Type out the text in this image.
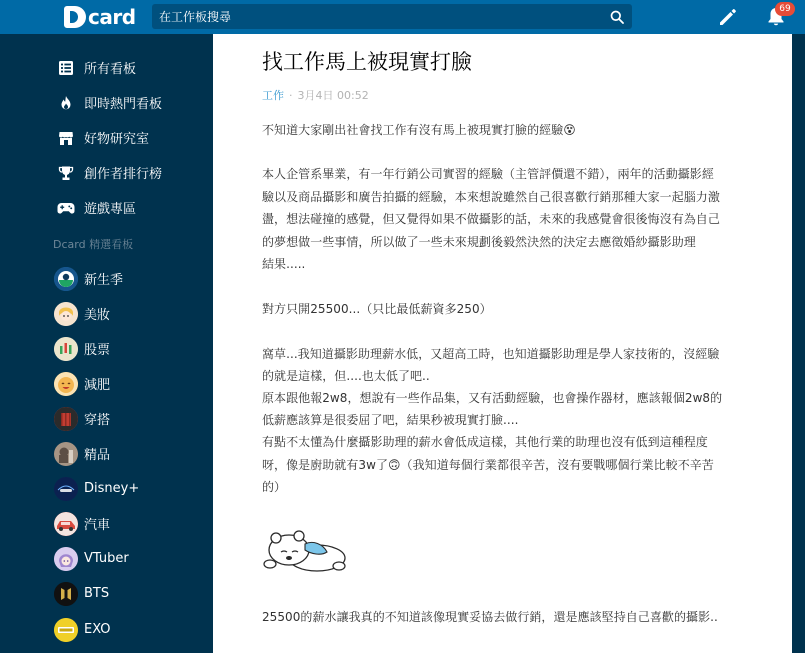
card
在工作板搜尋	69
所有看板
即時熱門看板
好物研究室
創作者排行榜
遊戲專區
Dcard 精選看板
新生季
美妝
股票
減肥
穿搭
精品
Disney+
汽車
VTuber
BTS
EXO
找工作馬上被現實打臉
工作 · 3月4日 00:52
不知道大家剛出社會找工作有沒有馬上被現實打臉的經驗😵
本人企管系畢業，有一年行銷公司實習的經驗（主管評價還不錯），兩年的活動攝影經
驗以及商品攝影和廣告拍攝的經驗，本來想說雖然自己很喜歡行銷那種大家一起腦力激
盪，想法碰撞的感覺，但又覺得如果不做攝影的話，未來的我感覺會很後悔沒有為自己
的夢想做一些事情，所以做了一些未來規劃後毅然決然的決定去應徵婚紗攝影助理
結果.....
對方只開25500...（只比最低薪資多250）
窩草...我知道攝影助理薪水低，又超高工時，也知道攝影助理是學人家技術的，沒經驗
的就是這樣，但....也太低了吧..
原本跟他報2w8，想說有一些作品集，又有活動經驗，也會操作器材，應該報個2w8的
低薪應該算是很委屈了吧，結果秒被現實打臉....
有點不太懂為什麼攝影助理的薪水會低成這樣，其他行業的助理也沒有低到這種程度
呀，像是廚助就有3w了🙃（我知道每個行業都很辛苦，沒有要戰哪個行業比較不辛苦
的）
25500的薪水讓我真的不知道該像現實妥協去做行銷，還是應該堅持自己喜歡的攝影..
